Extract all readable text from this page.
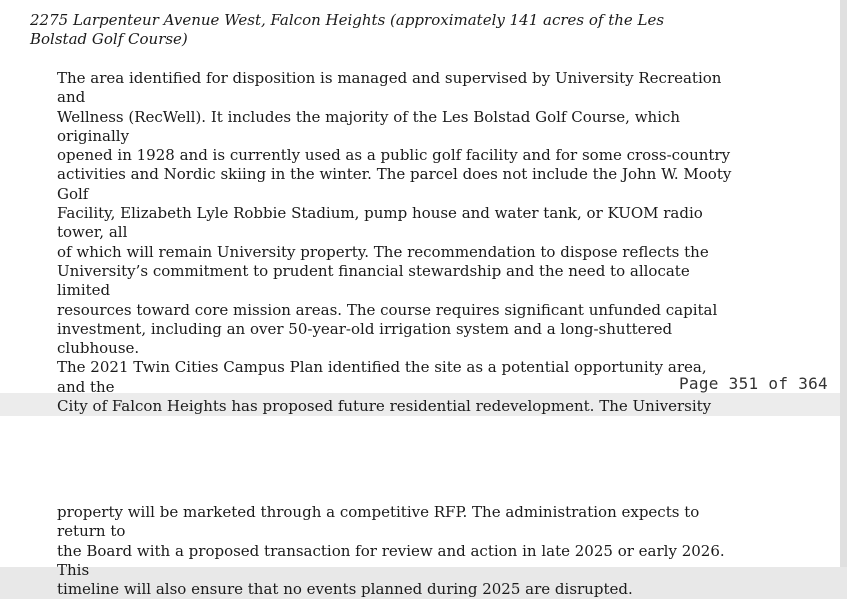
2275 Larpenteur Avenue West, Falcon Heights (approximately 141 acres of the Les Bolstad Golf Course)

The area identified for disposition is managed and supervised by University Recreation and
Wellness (RecWell). It includes the majority of the Les Bolstad Golf Course, which originally
opened in 1928 and is currently used as a public golf facility and for some cross-country
activities and Nordic skiing in the winter. The parcel does not include the John W. Mooty Golf
Facility, Elizabeth Lyle Robbie Stadium, pump house and water tank, or KUOM radio tower, all
of which will remain University property. The recommendation to dispose reflects the
University’s commitment to prudent financial stewardship and the need to allocate limited
resources toward core mission areas. The course requires significant unfunded capital
investment, including an over 50-year-old irrigation system and a long-shuttered clubhouse.
The 2021 Twin Cities Campus Plan identified the site as a potential opportunity area, and the
City of Falcon Heights has proposed future residential redevelopment. The University
Page 351 of 364
property will be marketed through a competitive RFP. The administration expects to return to
the Board with a proposed transaction for review and action in late 2025 or early 2026. This
timeline will also ensure that no events planned during 2025 are disrupted.
